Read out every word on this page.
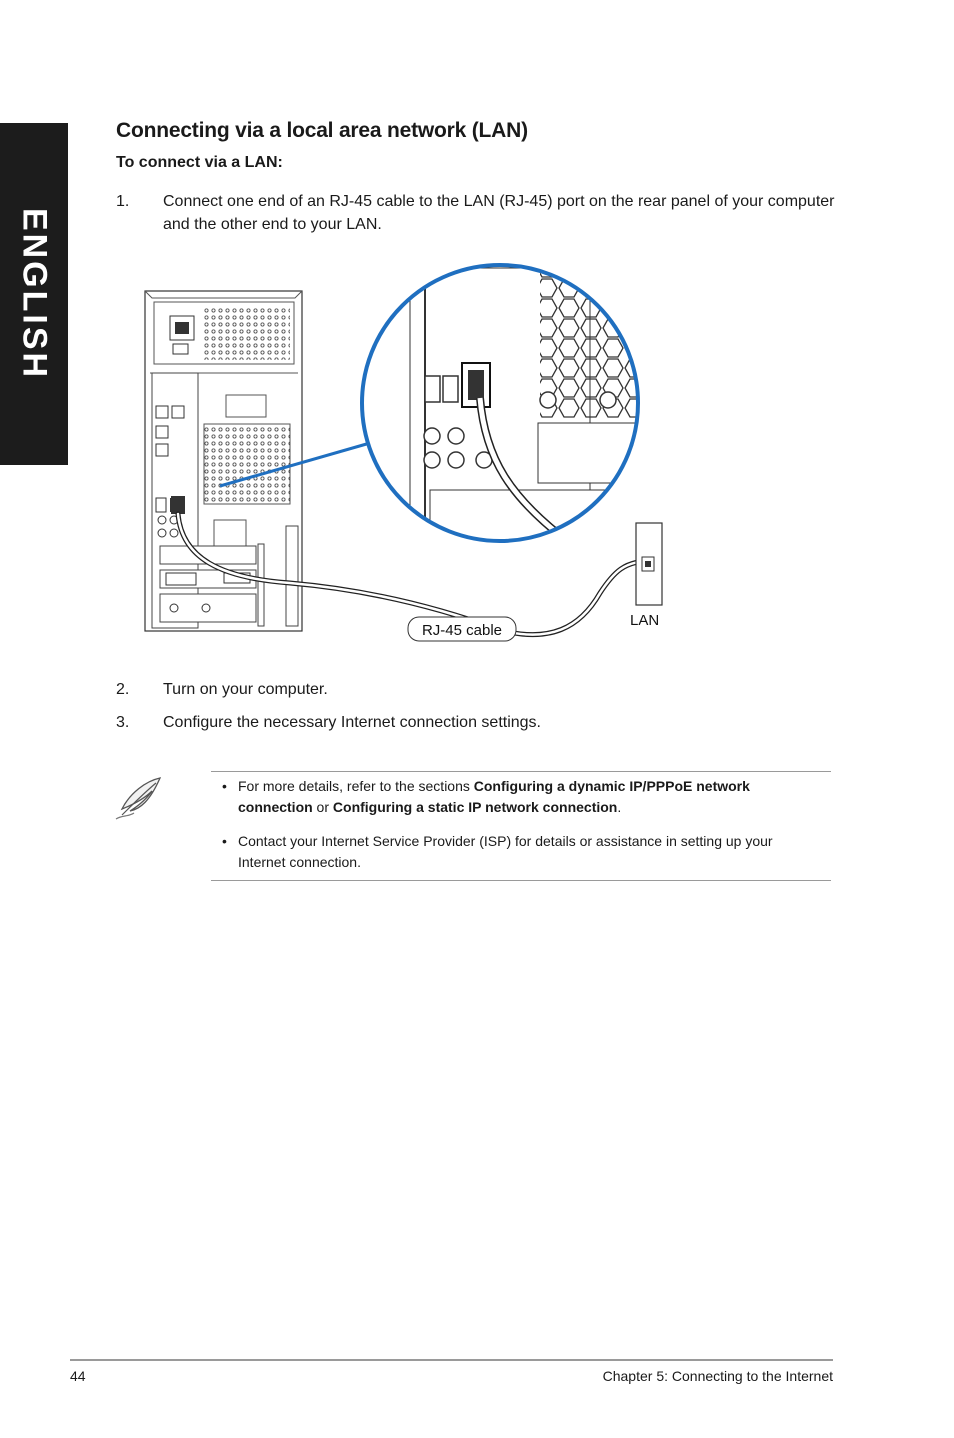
ENGLISH
Connecting via a local area network (LAN)
To connect via a LAN:
1. Connect one end of an RJ-45 cable to the LAN (RJ-45) port on the rear panel of your computer and the other end to your LAN.
RJ-45 cable
LAN
2. Turn on your computer.
3. Configure the necessary Internet connection settings.
• For more details, refer to the sections Configuring a dynamic IP/PPPoE network connection or Configuring a static IP network connection.
• Contact your Internet Service Provider (ISP) for details or assistance in setting up your Internet connection.
44	Chapter 5: Connecting to the Internet
